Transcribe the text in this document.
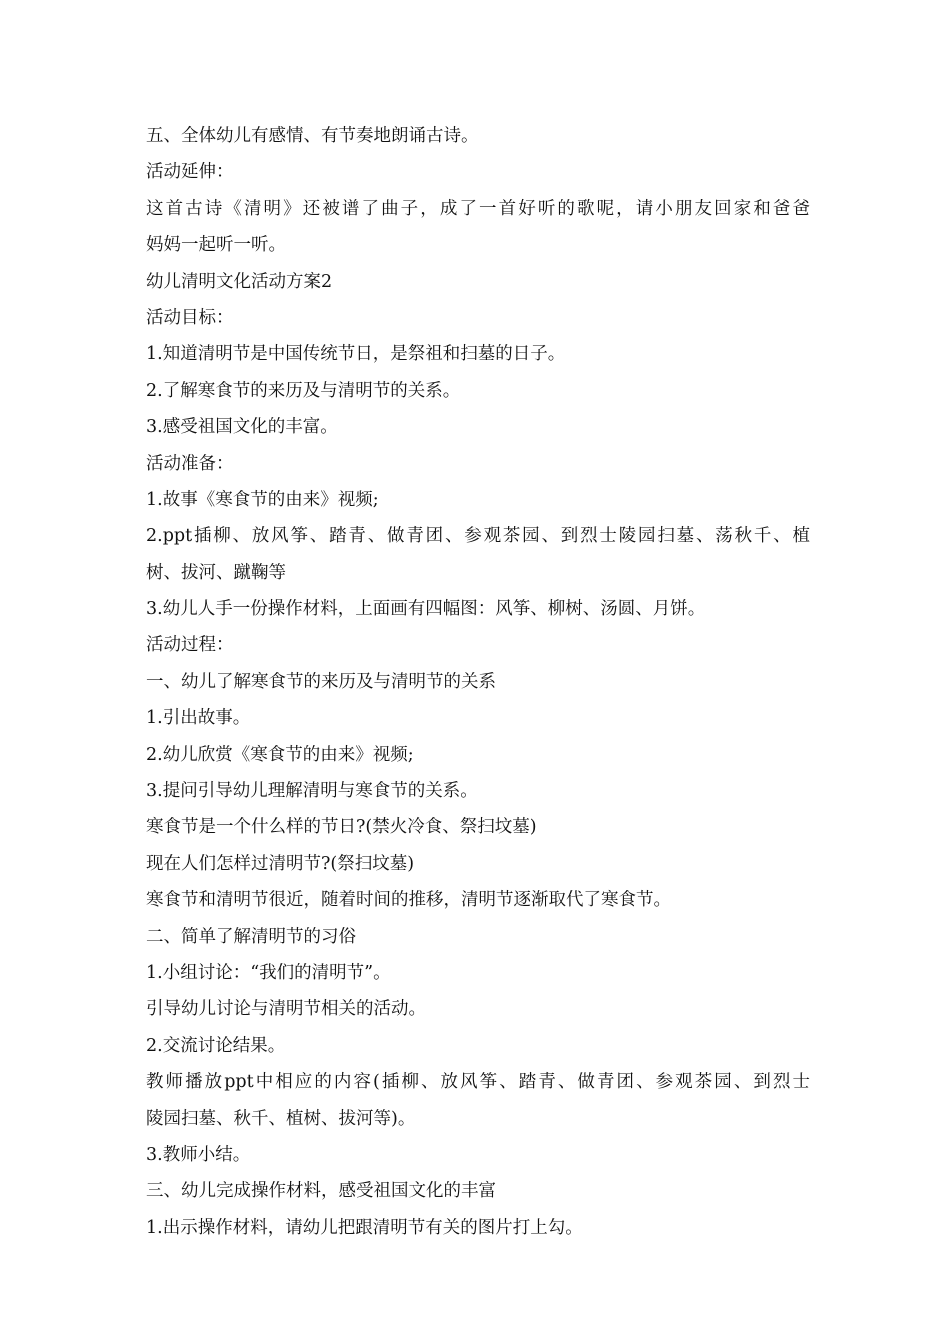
五、全体幼儿有感情、有节奏地朗诵古诗。
活动延伸：
这首古诗《清明》还被谱了曲子，成了一首好听的歌呢，请小朋友回家和爸爸
妈妈一起听一听。
幼儿清明文化活动方案2
活动目标：
1.知道清明节是中国传统节日，是祭祖和扫墓的日子。
2.了解寒食节的来历及与清明节的关系。
3.感受祖国文化的丰富。
活动准备：
1.故事《寒食节的由来》视频;
2.ppt插柳、放风筝、踏青、做青团、参观茶园、到烈士陵园扫墓、荡秋千、植
树、拔河、蹴鞠等
3.幼儿人手一份操作材料，上面画有四幅图：风筝、柳树、汤圆、月饼。
活动过程：
一、幼儿了解寒食节的来历及与清明节的关系
1.引出故事。
2.幼儿欣赏《寒食节的由来》视频;
3.提问引导幼儿理解清明与寒食节的关系。
寒食节是一个什么样的节日?(禁火冷食、祭扫坟墓)
现在人们怎样过清明节?(祭扫坟墓)
寒食节和清明节很近，随着时间的推移，清明节逐渐取代了寒食节。
二、简单了解清明节的习俗
1.小组讨论：“我们的清明节”。
引导幼儿讨论与清明节相关的活动。
2.交流讨论结果。
教师播放ppt中相应的内容(插柳、放风筝、踏青、做青团、参观茶园、到烈士
陵园扫墓、秋千、植树、拔河等)。
3.教师小结。
三、幼儿完成操作材料，感受祖国文化的丰富
1.出示操作材料，请幼儿把跟清明节有关的图片打上勾。
